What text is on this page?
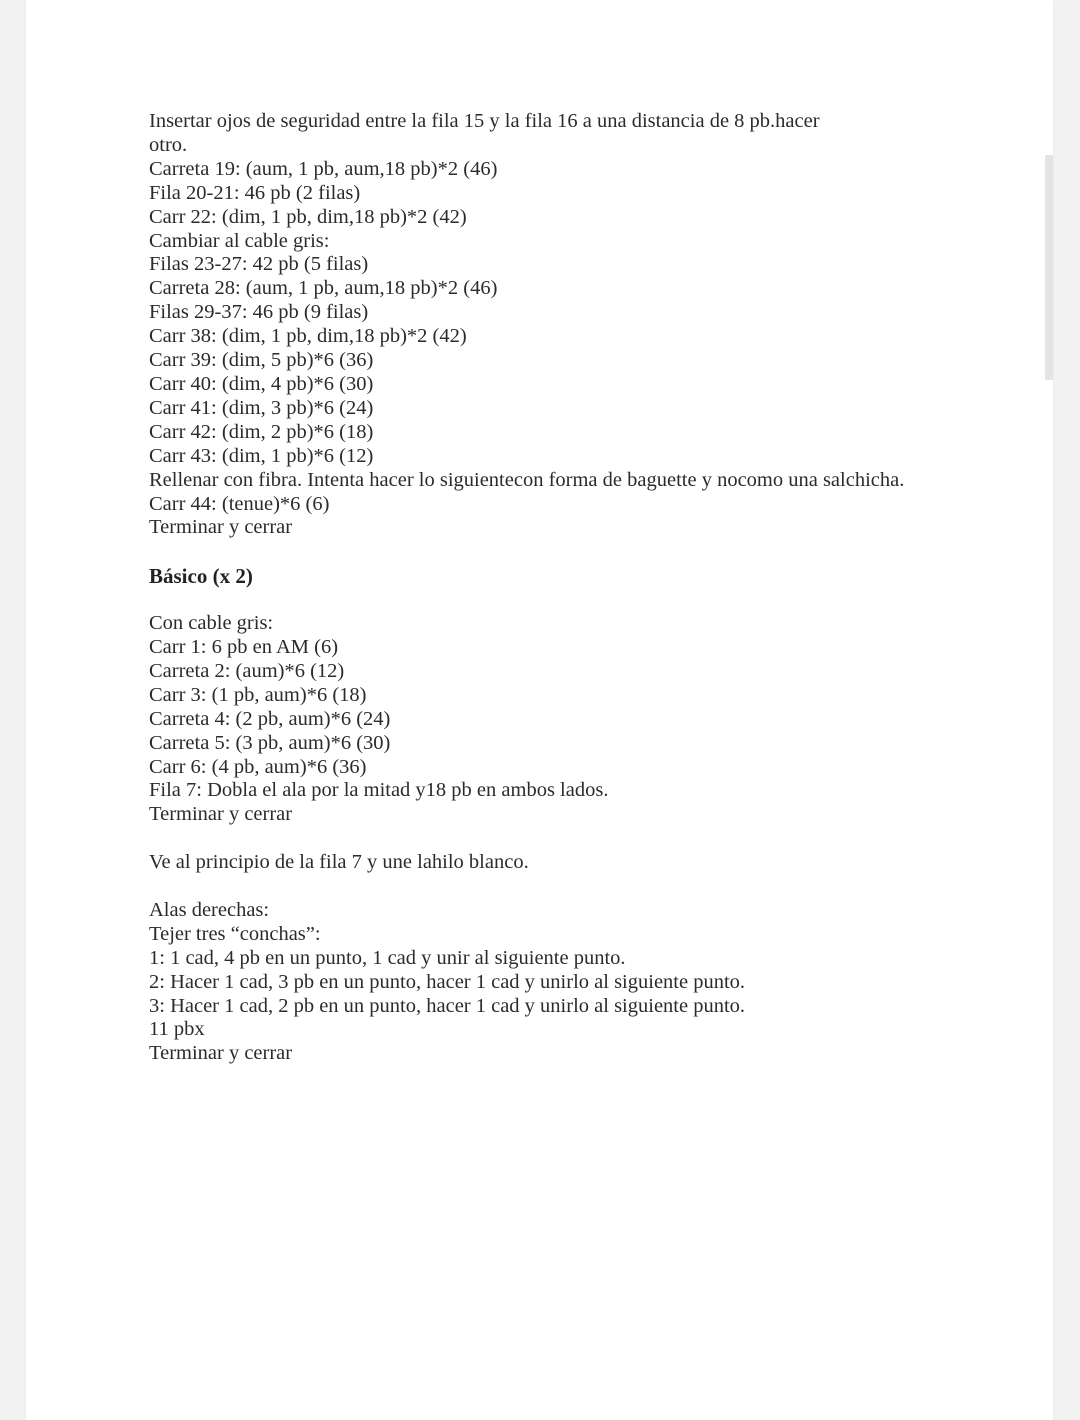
Insertar ojos de seguridad entre la fila 15 y la fila 16 a una distancia de 8 pb.hacer otro.
Carreta 19: (aum, 1 pb, aum,18 pb)*2 (46)
Fila 20-21: 46 pb (2 filas)
Carr 22: (dim, 1 pb, dim,18 pb)*2 (42)
Cambiar al cable gris:
Filas 23-27: 42 pb (5 filas)
Carreta 28: (aum, 1 pb, aum,18 pb)*2 (46)
Filas 29-37: 46 pb (9 filas)
Carr 38: (dim, 1 pb, dim,18 pb)*2 (42)
Carr 39: (dim, 5 pb)*6 (36)
Carr 40: (dim, 4 pb)*6 (30)
Carr 41: (dim, 3 pb)*6 (24)
Carr 42: (dim, 2 pb)*6 (18)
Carr 43: (dim, 1 pb)*6 (12)
Rellenar con fibra. Intenta hacer lo siguientecon forma de baguette y nocomo una salchicha.
Carr 44: (tenue)*6 (6)
Terminar y cerrar
Básico (x 2)
Con cable gris:
Carr 1: 6 pb en AM (6)
Carreta 2: (aum)*6 (12)
Carr 3: (1 pb, aum)*6 (18)
Carreta 4: (2 pb, aum)*6 (24)
Carreta 5: (3 pb, aum)*6 (30)
Carr 6: (4 pb, aum)*6 (36)
Fila 7: Dobla el ala por la mitad y18 pb en ambos lados.
Terminar y cerrar
Ve al principio de la fila 7 y une lahilo blanco.
Alas derechas:
Tejer tres “conchas”:
1: 1 cad, 4 pb en un punto, 1 cad y unir al siguiente punto.
2: Hacer 1 cad, 3 pb en un punto, hacer 1 cad y unirlo al siguiente punto.
3: Hacer 1 cad, 2 pb en un punto, hacer 1 cad y unirlo al siguiente punto.
11 pbx
Terminar y cerrar
